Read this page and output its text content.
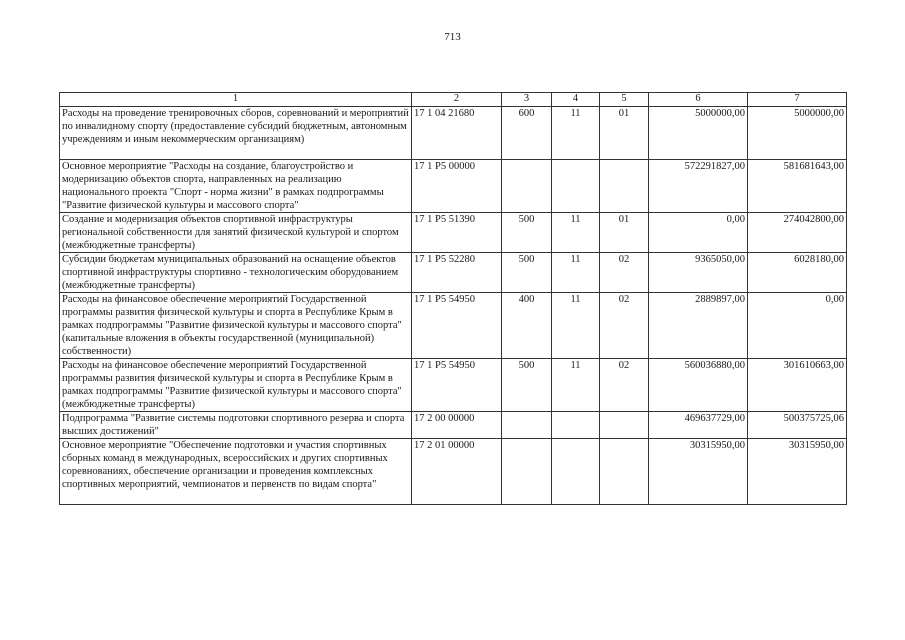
713
1	2	3	4	5	6	7
Расходы на проведение тренировочных сборов, соревнований и мероприятий по инвалидному спорту (предоставление субсидий бюджетным, автономным учреждениям и иным некоммерческим организациям)	17 1 04 21680	600	11	01	5000000,00	5000000,00
Основное мероприятие "Расходы на создание, благоустройство и модернизацию объектов спорта, направленных на реализацию национального проекта "Спорт - норма жизни" в рамках подпрограммы "Развитие физической культуры и массового спорта"	17 1 P5 00000				572291827,00	581681643,00
Создание и модернизация объектов спортивной инфраструктуры региональной собственности для занятий физической культурой и спортом (межбюджетные трансферты)	17 1 P5 51390	500	11	01	0,00	274042800,00
Субсидии бюджетам муниципальных образований на оснащение объектов спортивной инфраструктуры спортивно - технологическим оборудованием (межбюджетные трансферты)	17 1 P5 52280	500	11	02	9365050,00	6028180,00
Расходы на финансовое обеспечение мероприятий Государственной программы развития физической культуры и спорта в Республике Крым в рамках подпрограммы "Развитие физической культуры и массового спорта" (капитальные вложения в объекты государственной (муниципальной) собственности)	17 1 P5 54950	400	11	02	2889897,00	0,00
Расходы на финансовое обеспечение мероприятий Государственной программы развития физической культуры и спорта в Республике Крым в рамках подпрограммы "Развитие физической культуры и массового спорта" (межбюджетные трансферты)	17 1 P5 54950	500	11	02	560036880,00	301610663,00
Подпрограмма "Развитие системы подготовки спортивного резерва и спорта высших достижений"	17 2 00 00000				469637729,00	500375725,06
Основное мероприятие "Обеспечение подготовки и участия спортивных сборных команд в международных, всероссийских и других спортивных соревнованиях, обеспечение организации и проведения комплексных спортивных мероприятий, чемпионатов и первенств по видам спорта"	17 2 01 00000				30315950,00	30315950,00
